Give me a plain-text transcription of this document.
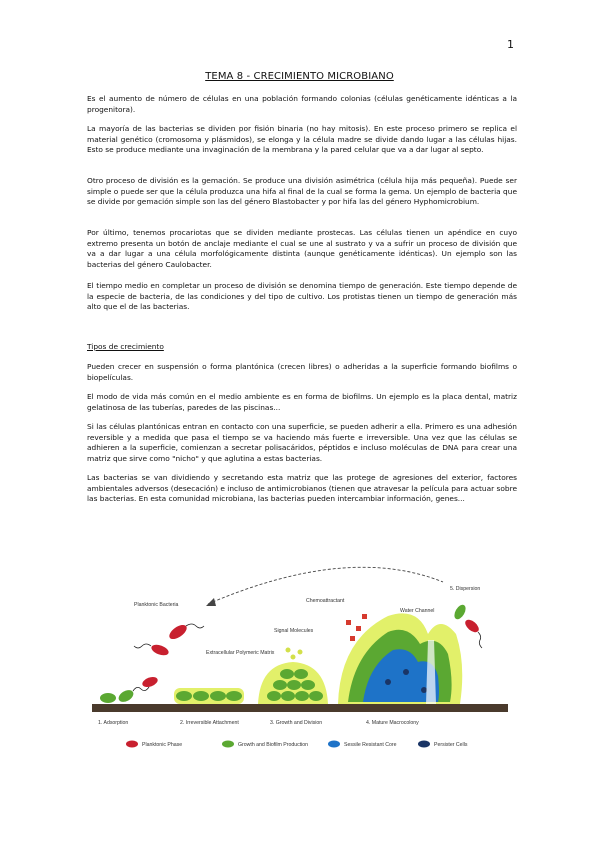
1
TEMA 8 - CRECIMIENTO MICROBIANO

Es el aumento de número de células en una población formando colonias (células genéticamente idénticas a la progenitora).

La mayoría de las bacterias se dividen por fisión binaria (no hay mitosis). En este proceso primero se replica el material genético (cromosoma y plásmidos), se elonga y la célula madre se divide dando lugar a las células hijas. Esto se produce mediante una invaginación de la membrana y la pared celular que va a dar lugar al septo.

Otro proceso de división es la gemación. Se produce una división asimétrica (célula hija más pequeña). Puede ser simple o puede ser que la célula produzca una hifa al final de la cual se forma la gema. Un ejemplo de bacteria que se divide por gemación simple son las del género Blastobacter y por hifa las del género Hyphomicrobium.

Por último, tenemos procariotas que se dividen mediante prostecas. Las células tienen un apéndice en cuyo extremo presenta un botón de anclaje mediante el cual se une al sustrato y va a sufrir un proceso de división que va a dar lugar a una célula morfológicamente distinta (aunque genéticamente idénticas). Un ejemplo son las bacterias del género Caulobacter.

El tiempo medio en completar un proceso de división se denomina tiempo de generación. Este tiempo depende de la especie de bacteria, de las condiciones y del tipo de cultivo. Los protistas tienen un tiempo de generación más alto que el de las bacterias.

Tipos de crecimiento

Pueden crecer en suspensión o forma plantónica (crecen libres) o adheridas a la superficie formando biofilms o biopelículas.

El modo de vida más común en el medio ambiente es en forma de biofilms. Un ejemplo es la placa dental, matriz gelatinosa de las tuberías, paredes de las piscinas...

Si las células plantónicas entran en contacto con una superficie, se pueden adherir a ella. Primero es una adhesión reversible y a medida que pasa el tiempo se va haciendo más fuerte e irreversible. Una vez que las células se adhieren a la superficie, comienzan a secretar polisacáridos, péptidos e incluso moléculas de DNA para crear una matriz que sirve como "nicho" y que aglutina a estas bacterias.

Las bacterias se van dividiendo y secretando esta matriz que las protege de agresiones del exterior, factores ambientales adversos (desecación) e incluso de antimicrobianos (tienen que atravesar la película para actuar sobre las bacterias. En esta comunidad microbiana, las bacterias pueden intercambiar información, genes...

Planktonic Bacteria
Extracellular Polymeric Matrix
Signal Molecules
Chemoattractant
Water Channel
5. Dispersion
1. Adsorption	2. Irreversible Attachment	3. Growth and Division	4. Mature Macrocolony
Planktonic Phase	Growth and Biofilm Production	Sessile Resistant Core	Persister Cells
